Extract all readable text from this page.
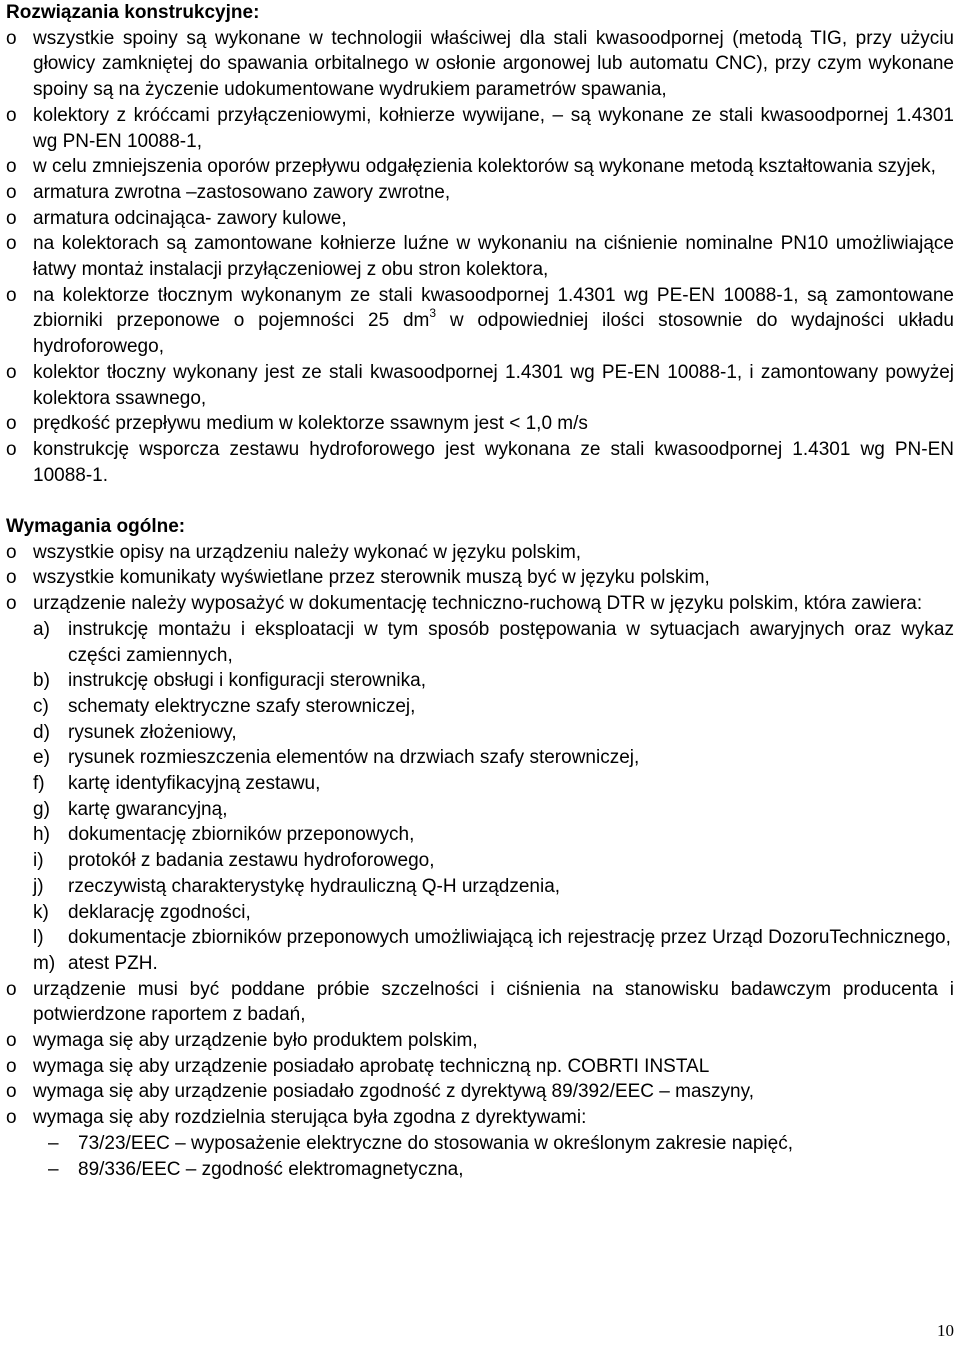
Rozwiązania konstrukcyjne:

o wszystkie spoiny są wykonane w technologii właściwej dla stali kwasoodpornej (metodą TIG, przy użyciu głowicy zamkniętej do spawania orbitalnego w osłonie argonowej lub automatu CNC), przy czym wykonane spoiny są na życzenie udokumentowane wydrukiem parametrów spawania,
o kolektory z króćcami przyłączeniowymi, kołnierze wywijane, – są wykonane ze stali kwasoodpornej 1.4301 wg PN-EN 10088-1,
o w celu zmniejszenia oporów przepływu odgałęzienia kolektorów są wykonane metodą kształtowania szyjek,
o armatura zwrotna –zastosowano zawory zwrotne,
o armatura odcinająca- zawory kulowe,
o na kolektorach są zamontowane kołnierze luźne w wykonaniu na ciśnienie nominalne PN10 umożliwiające łatwy montaż instalacji przyłączeniowej z obu stron kolektora,
o na kolektorze tłocznym wykonanym ze stali kwasoodpornej 1.4301 wg PE-EN 10088-1, są zamontowane zbiorniki przeponowe o pojemności 25 $dm^3$ w odpowiedniej ilości stosownie do wydajności układu hydroforowego,
o kolektor tłoczny wykonany jest ze stali kwasoodpornej 1.4301 wg PE-EN 10088-1, i zamontowany powyżej kolektora ssawnego,
o prędkość przepływu medium w kolektorze ssawnym jest < 1,0 m/s
o konstrukcję wsporcza zestawu hydroforowego jest wykonana ze stali kwasoodpornej 1.4301 wg PN-EN 10088-1.

Wymagania ogólne:

o wszystkie opisy na urządzeniu należy wykonać w języku polskim,
o wszystkie komunikaty wyświetlane przez sterownik muszą być w języku polskim,
o urządzenie należy wyposażyć w dokumentację techniczno-ruchową DTR w języku polskim, która zawiera:
a) instrukcję montażu i eksploatacji w tym sposób postępowania w sytuacjach awaryjnych oraz wykaz części zamiennych,
b) instrukcję obsługi i konfiguracji sterownika,
c) schematy elektryczne szafy sterowniczej,
d) rysunek złożeniowy,
e) rysunek rozmieszczenia elementów na drzwiach szafy sterowniczej,
f) kartę identyfikacyjną zestawu,
g) kartę gwarancyjną,
h) dokumentację zbiorników przeponowych,
i) protokół z badania zestawu hydroforowego,
j) rzeczywistą charakterystykę hydrauliczną Q-H urządzenia,
k) deklarację zgodności,
l) dokumentacje zbiorników przeponowych umożliwiającą ich rejestrację przez Urząd DozoruTechnicznego,
m) atest PZH.
o urządzenie musi być poddane próbie szczelności i ciśnienia na stanowisku badawczym producenta i potwierdzone raportem z badań,
o wymaga się aby urządzenie było produktem polskim,
o wymaga się aby urządzenie posiadało aprobatę techniczną np. COBRTI INSTAL
o wymaga się aby urządzenie posiadało zgodność z dyrektywą 89/392/EEC – maszyny,
o wymaga się aby rozdzielnia sterująca była zgodna z dyrektywami:
– 73/23/EEC – wyposażenie elektryczne do stosowania w określonym zakresie napięć,
– 89/336/EEC – zgodność elektromagnetyczna,
10
